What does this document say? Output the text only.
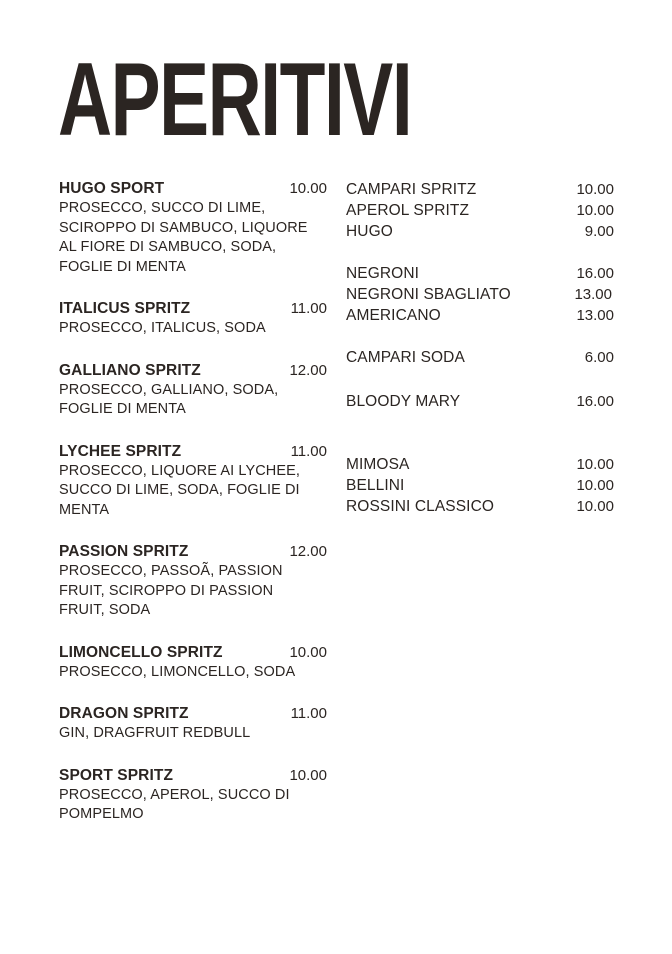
APERITIVI
HUGO SPORT	10.00
PROSECCO, SUCCO DI LIME, SCIROPPO DI SAMBUCO, LIQUORE AL FIORE DI SAMBUCO, SODA, FOGLIE DI MENTA
ITALICUS SPRITZ	11.00
PROSECCO, ITALICUS, SODA
GALLIANO SPRITZ	12.00
PROSECCO, GALLIANO, SODA, FOGLIE DI MENTA
LYCHEE SPRITZ	11.00
PROSECCO, LIQUORE AI LYCHEE, SUCCO DI LIME, SODA, FOGLIE DI MENTA
PASSION SPRITZ	12.00
PROSECCO, PASSOÃ, PASSION FRUIT, SCIROPPO DI PASSION FRUIT, SODA
LIMONCELLO SPRITZ	10.00
PROSECCO, LIMONCELLO, SODA
DRAGON SPRITZ	11.00
GIN, DRAGFRUIT REDBULL
SPORT SPRITZ	10.00
PROSECCO, APEROL, SUCCO DI POMPELMO
CAMPARI SPRITZ	10.00
APEROL SPRITZ	10.00
HUGO	9.00
NEGRONI	16.00
NEGRONI SBAGLIATO	13.00
AMERICANO	13.00
CAMPARI SODA	6.00
BLOODY MARY	16.00
MIMOSA	10.00
BELLINI	10.00
ROSSINI CLASSICO	10.00
